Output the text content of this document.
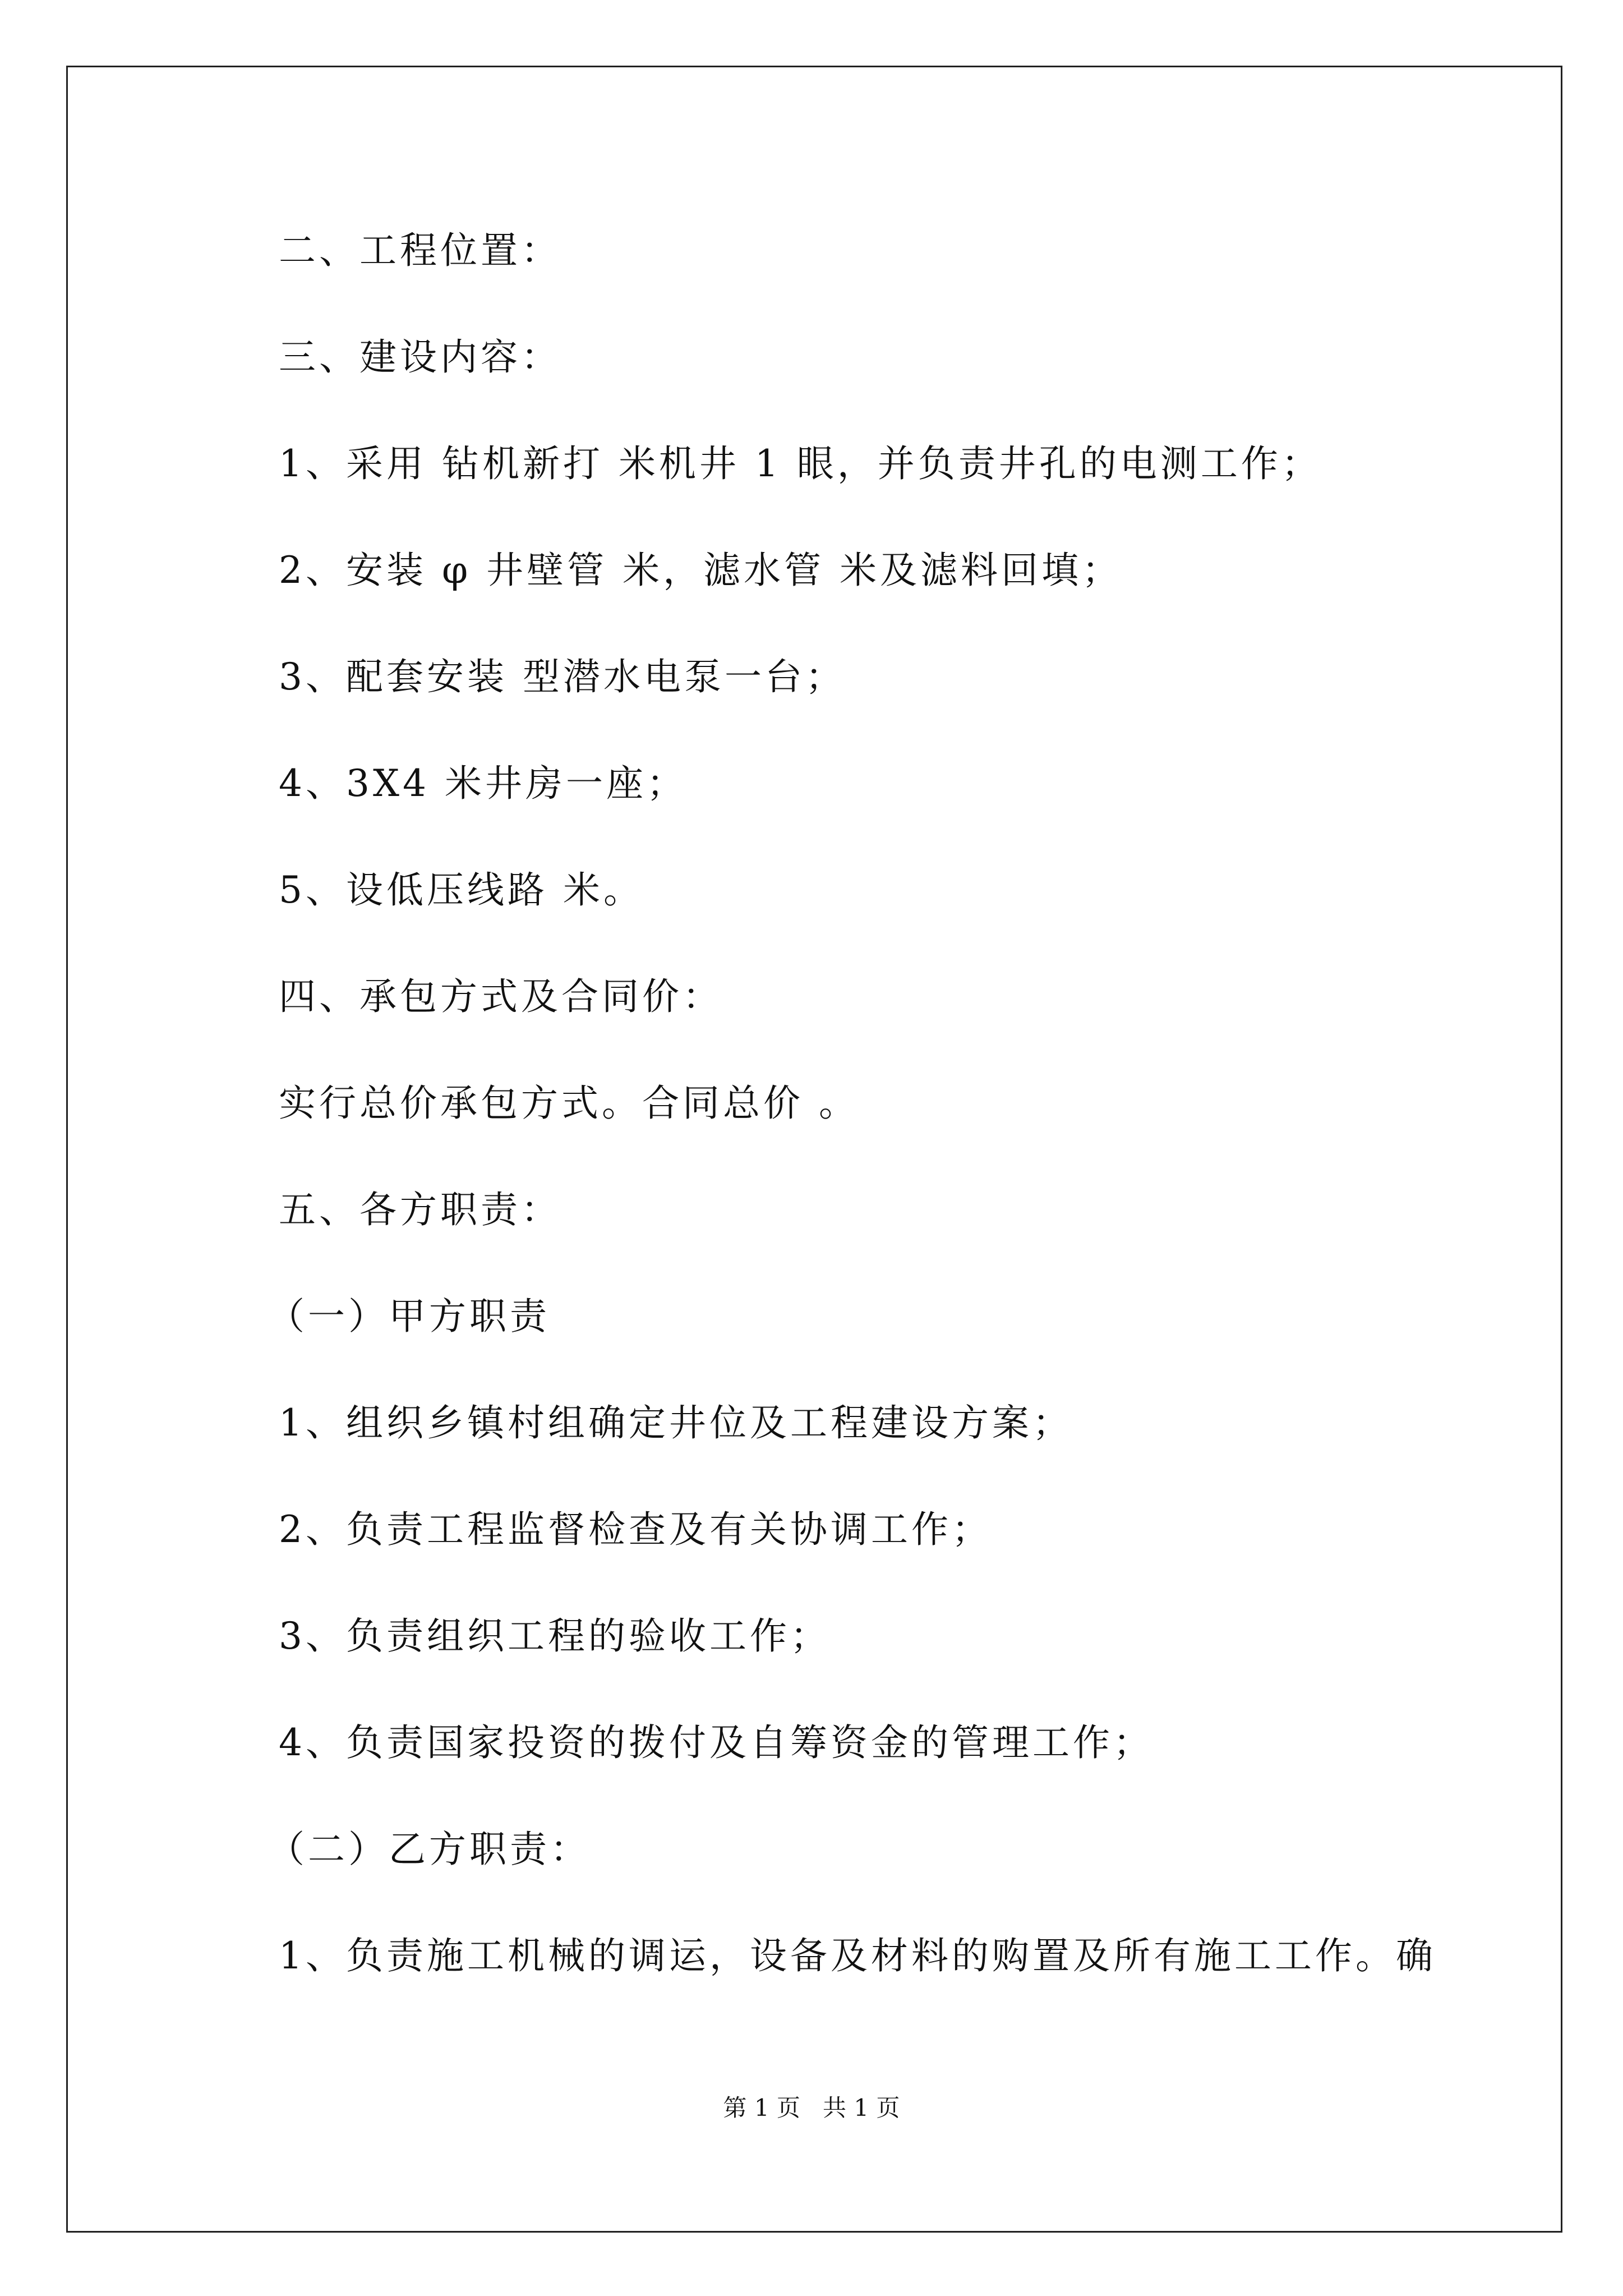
二、工程位置：
三、建设内容：
1、采用 钻机新打 米机井 1 眼，并负责井孔的电测工作；
2、安装 φ 井壁管 米，滤水管 米及滤料回填；
3、配套安装 型潜水电泵一台；
4、3X4 米井房一座；
5、设低压线路 米。
四、承包方式及合同价：
实行总价承包方式。合同总价 。
五、各方职责：
（一）甲方职责
1、组织乡镇村组确定井位及工程建设方案；
2、负责工程监督检查及有关协调工作；
3、负责组织工程的验收工作；
4、负责国家投资的拨付及自筹资金的管理工作；
（二）乙方职责：
1、负责施工机械的调运，设备及材料的购置及所有施工工作。确
第 1 页   共 1 页
